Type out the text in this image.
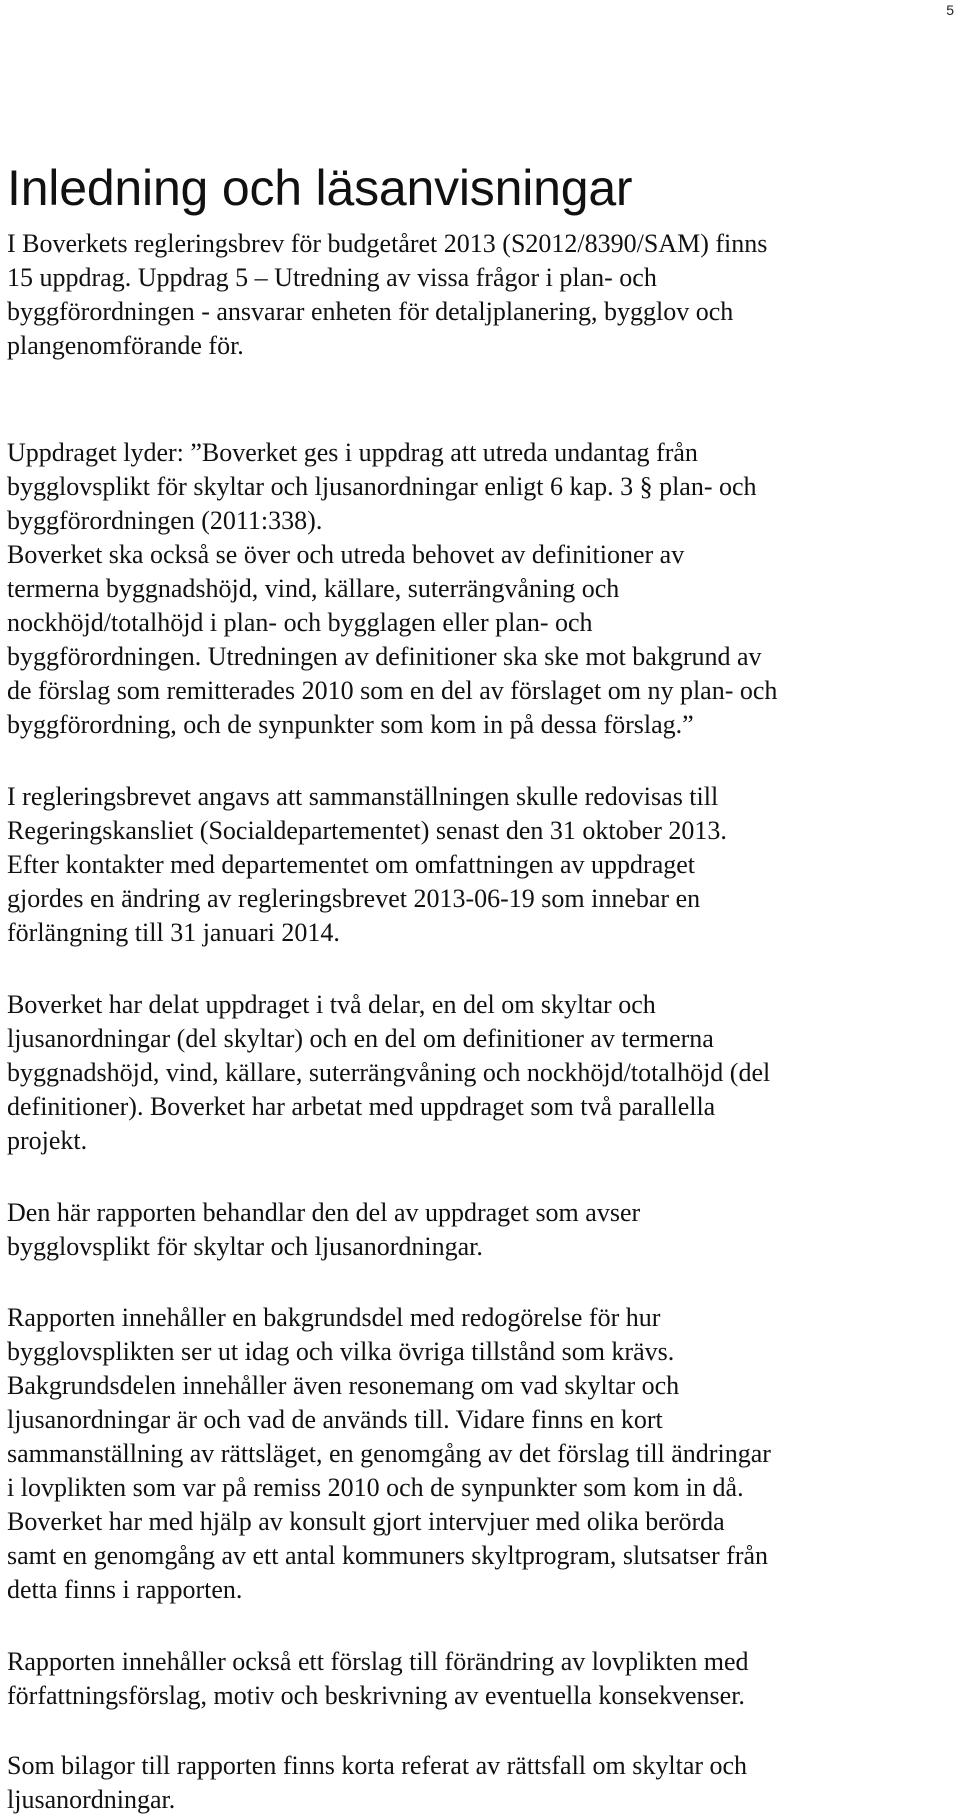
5
Inledning och läsanvisningar

I Boverkets regleringsbrev för budgetåret 2013 (S2012/8390/SAM) finns
15 uppdrag. Uppdrag 5 – Utredning av vissa frågor i plan- och
byggförordningen - ansvarar enheten för detaljplanering, bygglov och
plangenomförande för.

Uppdraget lyder: ”Boverket ges i uppdrag att utreda undantag från
bygglovsplikt för skyltar och ljusanordningar enligt 6 kap. 3 § plan- och
byggförordningen (2011:338).
Boverket ska också se över och utreda behovet av definitioner av
termerna byggnadshöjd, vind, källare, suterrängvåning och
nockhöjd/totalhöjd i plan- och bygglagen eller plan- och
byggförordningen. Utredningen av definitioner ska ske mot bakgrund av
de förslag som remitterades 2010 som en del av förslaget om ny plan- och
byggförordning, och de synpunkter som kom in på dessa förslag.”

I regleringsbrevet angavs att sammanställningen skulle redovisas till
Regeringskansliet (Socialdepartementet) senast den 31 oktober 2013.
Efter kontakter med departementet om omfattningen av uppdraget
gjordes en ändring av regleringsbrevet 2013-06-19 som innebar en
förlängning till 31 januari 2014.

Boverket har delat uppdraget i två delar, en del om skyltar och
ljusanordningar (del skyltar) och en del om definitioner av termerna
byggnadshöjd, vind, källare, suterrängvåning och nockhöjd/totalhöjd (del
definitioner). Boverket har arbetat med uppdraget som två parallella
projekt.

Den här rapporten behandlar den del av uppdraget som avser
bygglovsplikt för skyltar och ljusanordningar.

Rapporten innehåller en bakgrundsdel med redogörelse för hur
bygglovsplikten ser ut idag och vilka övriga tillstånd som krävs.
Bakgrundsdelen innehåller även resonemang om vad skyltar och
ljusanordningar är och vad de används till. Vidare finns en kort
sammanställning av rättsläget, en genomgång av det förslag till ändringar
i lovplikten som var på remiss 2010 och de synpunkter som kom in då.
Boverket har med hjälp av konsult gjort intervjuer med olika berörda
samt en genomgång av ett antal kommuners skyltprogram, slutsatser från
detta finns i rapporten.

Rapporten innehåller också ett förslag till förändring av lovplikten med
författningsförslag, motiv och beskrivning av eventuella konsekvenser.

Som bilagor till rapporten finns korta referat av rättsfall om skyltar och
ljusanordningar.
